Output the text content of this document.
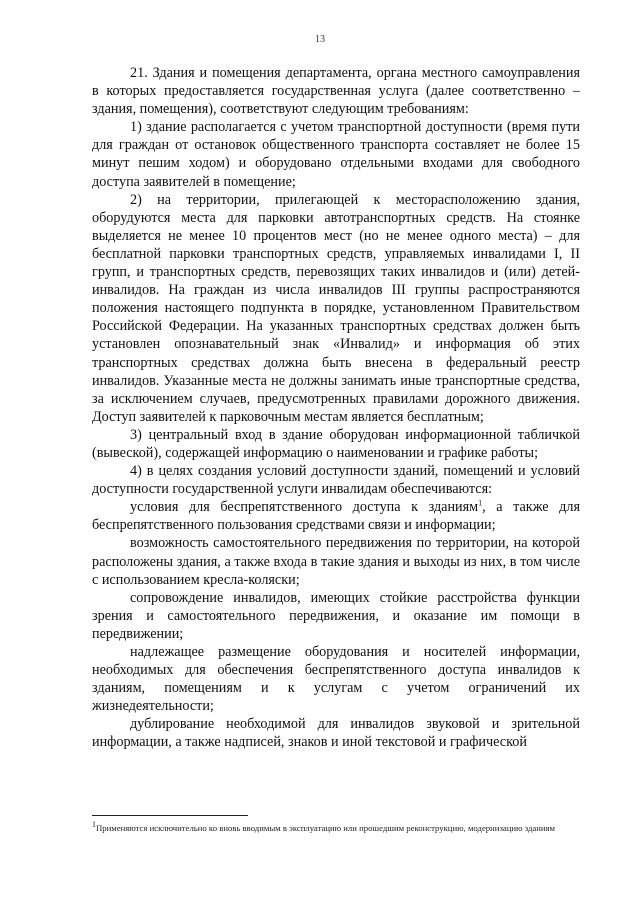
13

21. Здания и помещения департамента, органа местного самоуправления в которых предоставляется государственная услуга (далее соответственно – здания, помещения), соответствуют следующим требованиям:

1) здание располагается с учетом транспортной доступности (время пути для граждан от остановок общественного транспорта составляет не более 15 минут пешим ходом) и оборудовано отдельными входами для свободного доступа заявителей в помещение;

2) на территории, прилегающей к месторасположению здания, оборудуются места для парковки автотранспортных средств. На стоянке выделяется не менее 10 процентов мест (но не менее одного места) – для бесплатной парковки транспортных средств, управляемых инвалидами I, II групп, и транспортных средств, перевозящих таких инвалидов и (или) детей-инвалидов. На граждан из числа инвалидов III группы распространяются положения настоящего подпункта в порядке, установленном Правительством Российской Федерации. На указанных транспортных средствах должен быть установлен опознавательный знак «Инвалид» и информация об этих транспортных средствах должна быть внесена в федеральный реестр инвалидов. Указанные места не должны занимать иные транспортные средства, за исключением случаев, предусмотренных правилами дорожного движения. Доступ заявителей к парковочным местам является бесплатным;

3) центральный вход в здание оборудован информационной табличкой (вывеской), содержащей информацию о наименовании и графике работы;

4) в целях создания условий доступности зданий, помещений и условий доступности государственной услуги инвалидам обеспечиваются:

условия для беспрепятственного доступа к зданиям$^1$, а также для беспрепятственного пользования средствами связи и информации;

возможность самостоятельного передвижения по территории, на которой расположены здания, а также входа в такие здания и выходы из них, в том числе с использованием кресла-коляски;

сопровождение инвалидов, имеющих стойкие расстройства функции зрения и самостоятельного передвижения, и оказание им помощи в передвижении;

надлежащее размещение оборудования и носителей информации, необходимых для обеспечения беспрепятственного доступа инвалидов к зданиям, помещениям и к услугам с учетом ограничений их жизнедеятельности;

дублирование необходимой для инвалидов звуковой и зрительной информации, а также надписей, знаков и иной текстовой и графической

$^1$Применяются исключительно ко вновь вводимым в эксплуатацию или прошедшим реконструкцию, модернизацию зданиям
